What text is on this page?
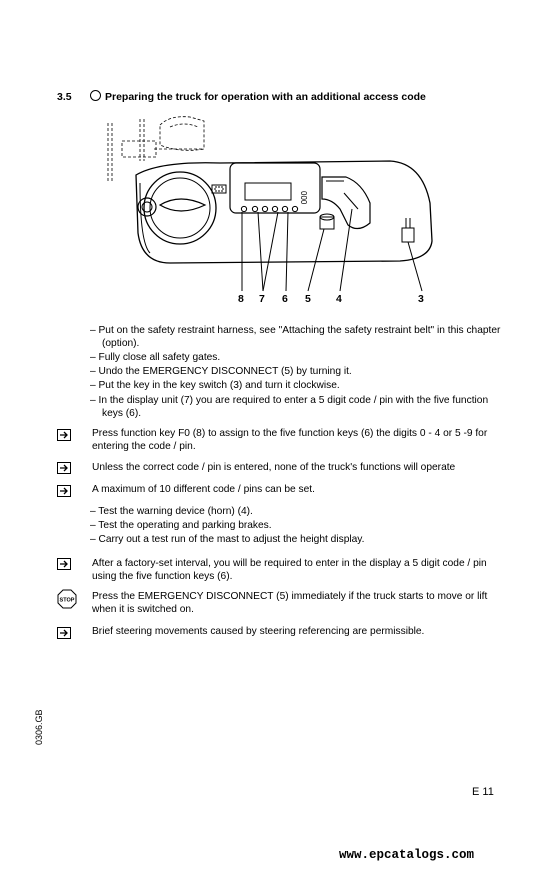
3.5	Preparing the truck for operation with an additional access code
000
8 7 6 5 4	3
– Put on the safety restraint harness, see "Attaching the safety restraint belt" in this chapter (option).
– Fully close all safety gates.
– Undo the EMERGENCY DISCONNECT (5) by turning it.
– Put the key in the key switch (3) and turn it clockwise.
– In the display unit (7) you are required to enter a 5 digit code / pin with the five function keys (6).
Press function key F0 (8) to assign to the five function keys (6) the digits 0 - 4 or 5 -9 for entering the code / pin.
Unless the correct code / pin is entered, none of the truck's functions will operate
A maximum of 10 different code / pins can be set.
– Test the warning device (horn) (4).
– Test the operating and parking brakes.
– Carry out a test run of the mast to adjust the height display.
After a factory-set interval, you will be required to enter in the display a 5 digit code / pin using the five function keys (6).
STOP Press the EMERGENCY DISCONNECT (5) immediately if the truck starts to move or lift when it is switched on.
Brief steering movements caused by steering referencing are permissible.
0306.GB
E 11
www.epcatalogs.com
